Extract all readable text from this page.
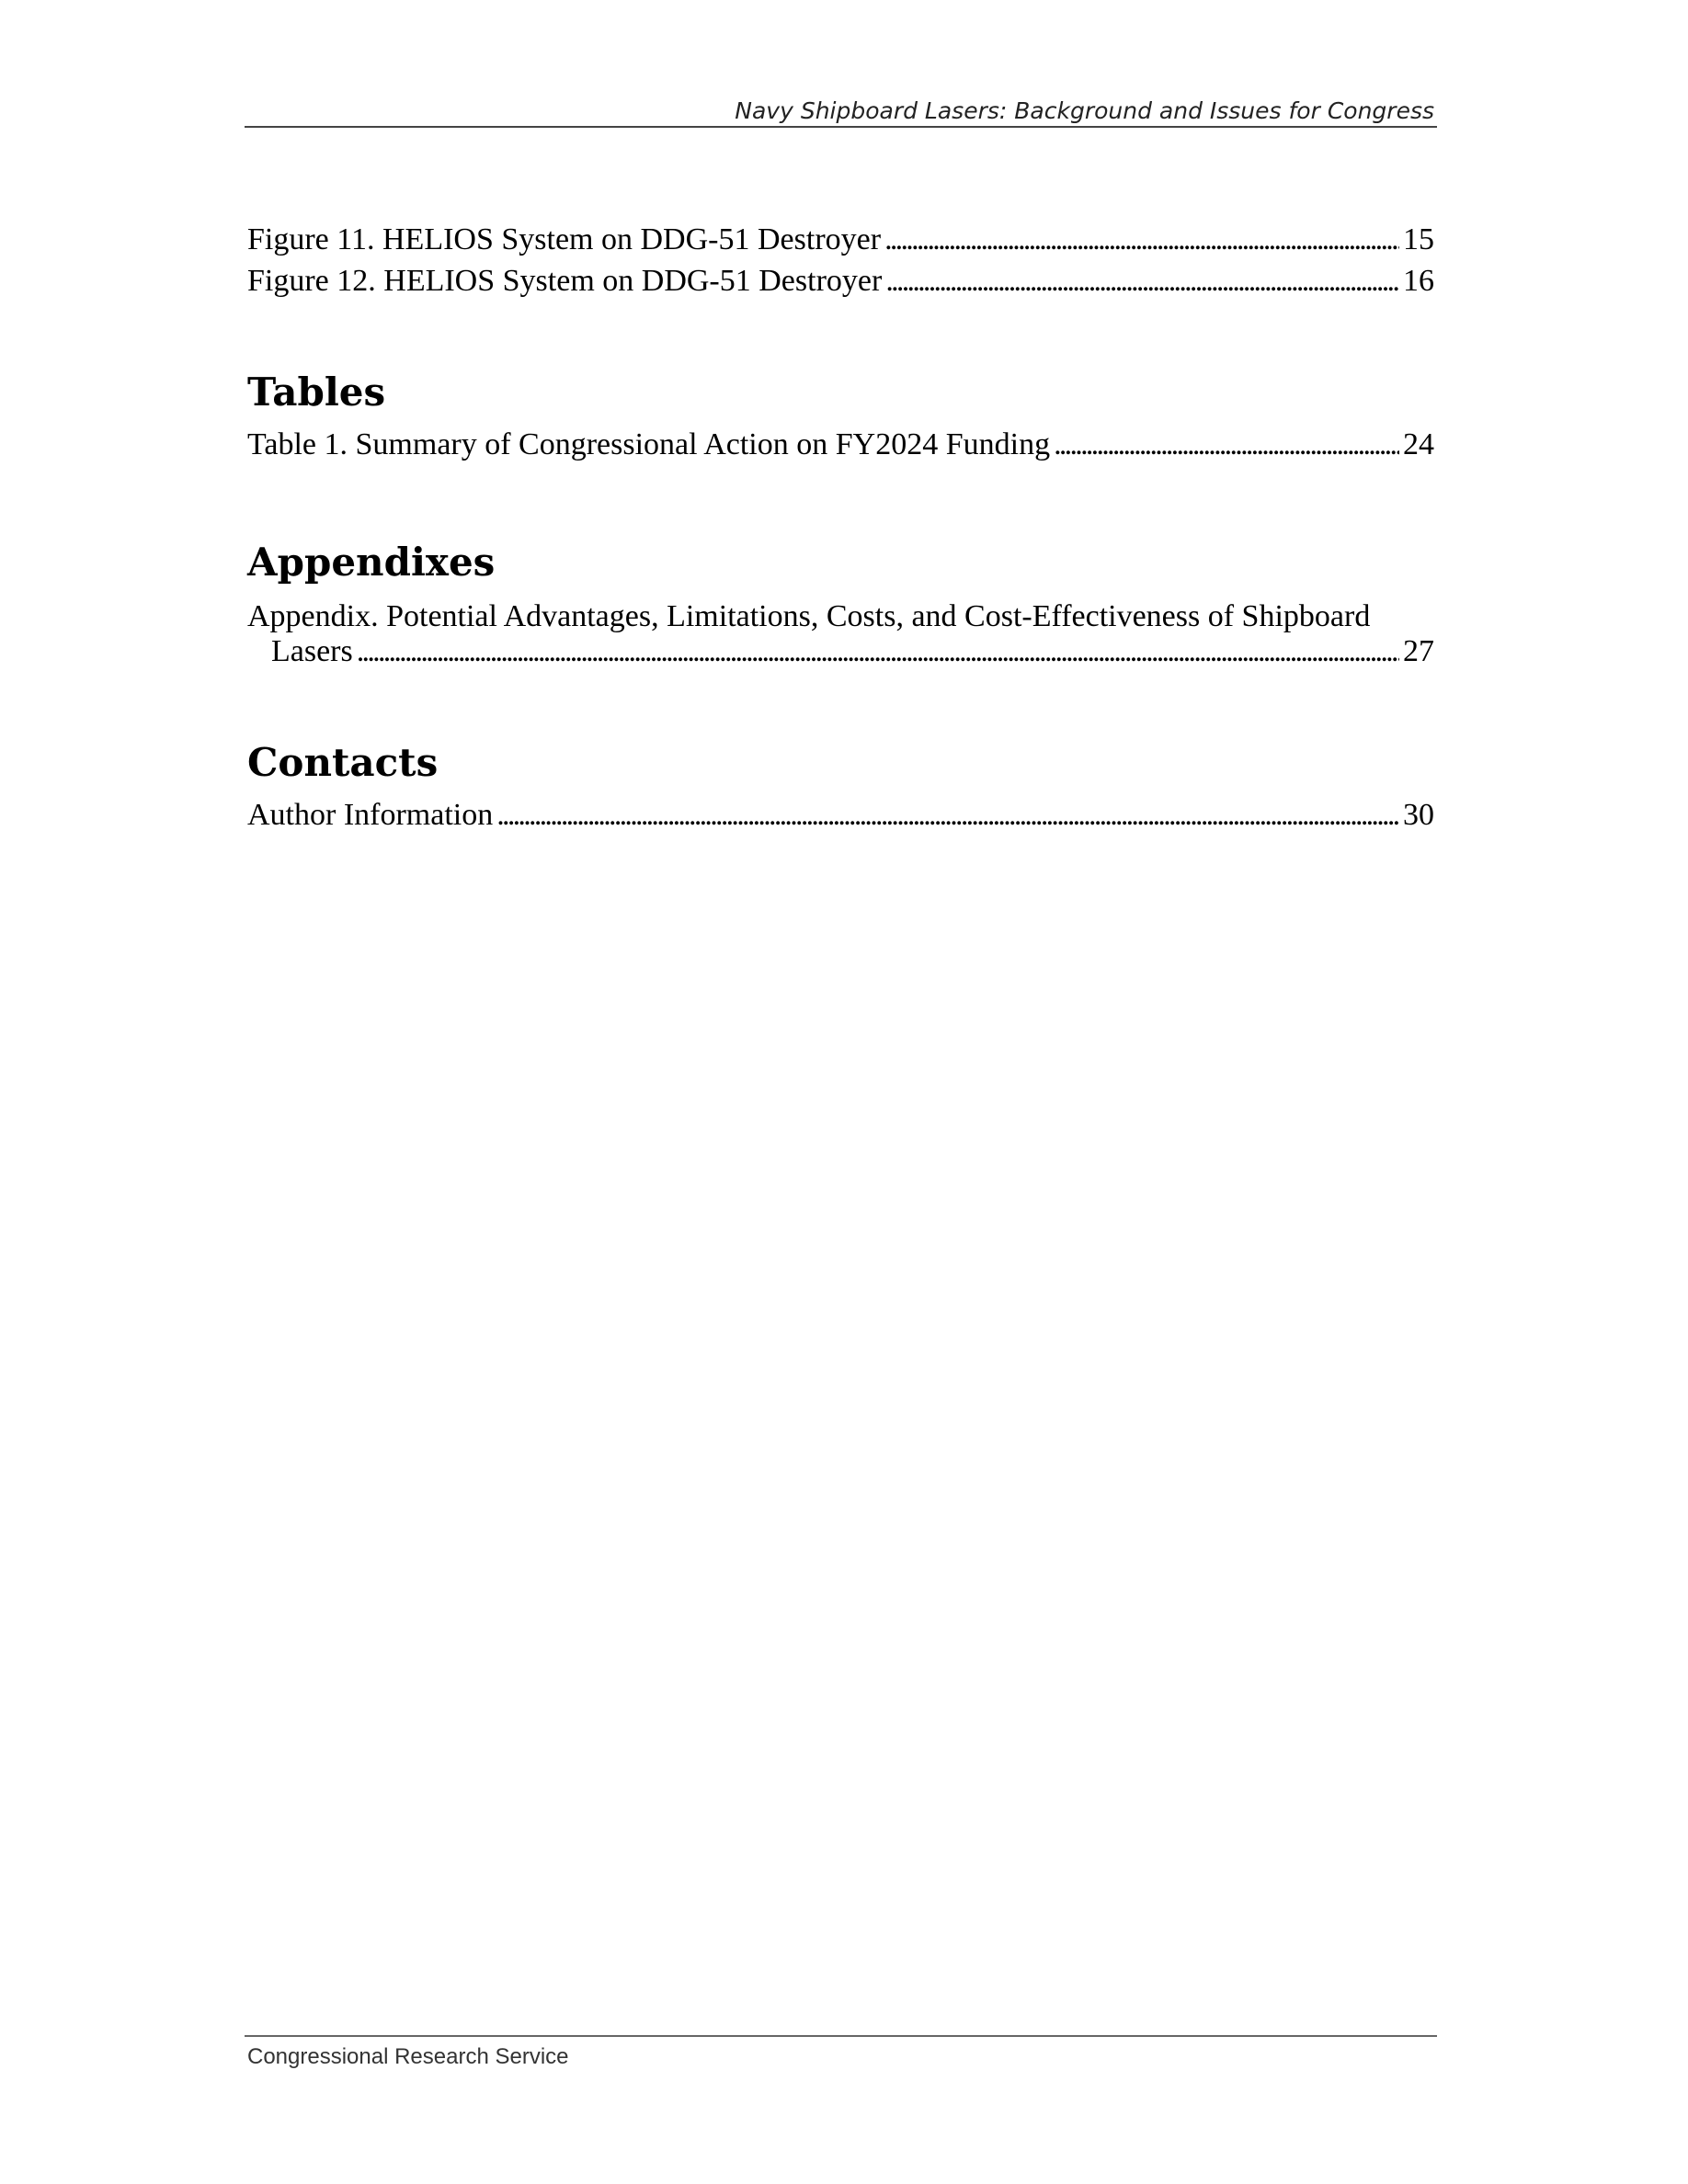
Navy Shipboard Lasers: Background and Issues for Congress
Figure 11. HELIOS System on DDG-51 Destroyer . . .	15
Figure 12. HELIOS System on DDG-51 Destroyer . . .	16
Tables
Table 1. Summary of Congressional Action on FY2024 Funding . . .	24
Appendixes
Appendix. Potential Advantages, Limitations, Costs, and Cost-Effectiveness of Shipboard
Lasers . . .	27
Contacts
Author Information . . .	30
Congressional Research Service
